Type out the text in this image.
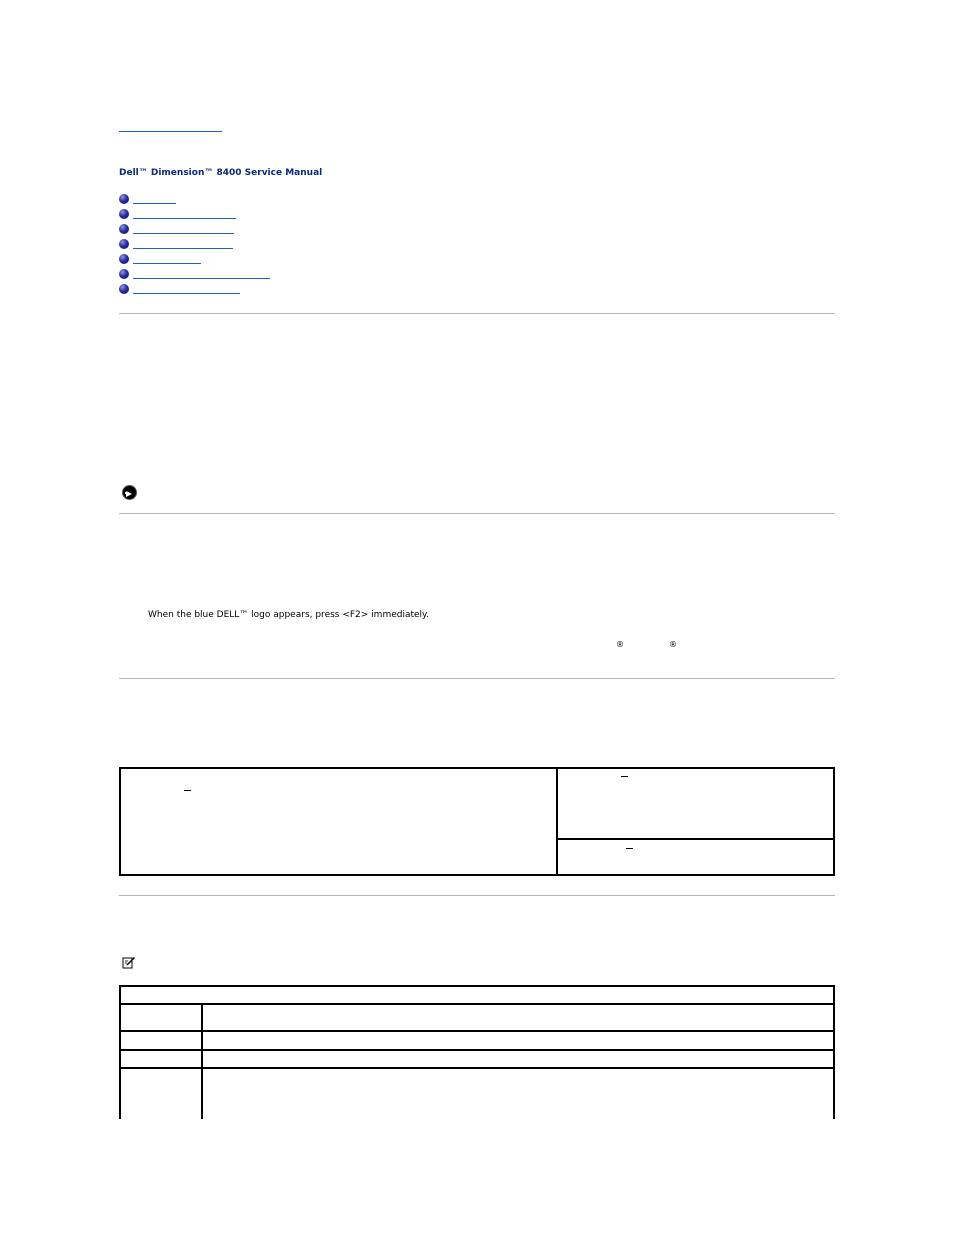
Dell™ Dimension™ 8400 Service Manual
When the blue DELL™ logo appears, press <F2> immediately.
®	®
